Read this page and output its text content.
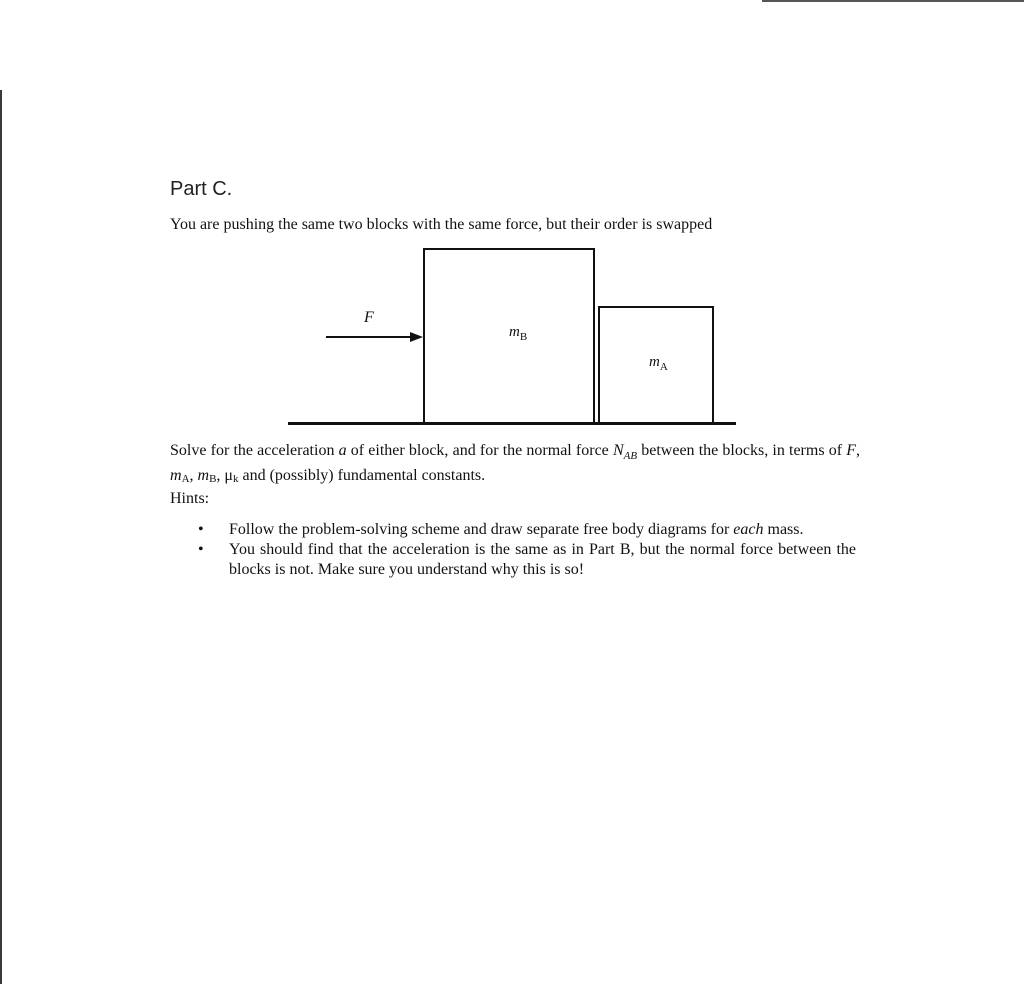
Part C.
You are pushing the same two blocks with the same force, but their order is swapped
F
$m_B$
$m_A$
Solve for the acceleration a of either block, and for the normal force $N_{AB}$ between the blocks, in terms of F, mA, mB, μk and (possibly) fundamental constants.
Hints:
• Follow the problem-solving scheme and draw separate free body diagrams for each mass.
• You should find that the acceleration is the same as in Part B, but the normal force between the blocks is not. Make sure you understand why this is so!
